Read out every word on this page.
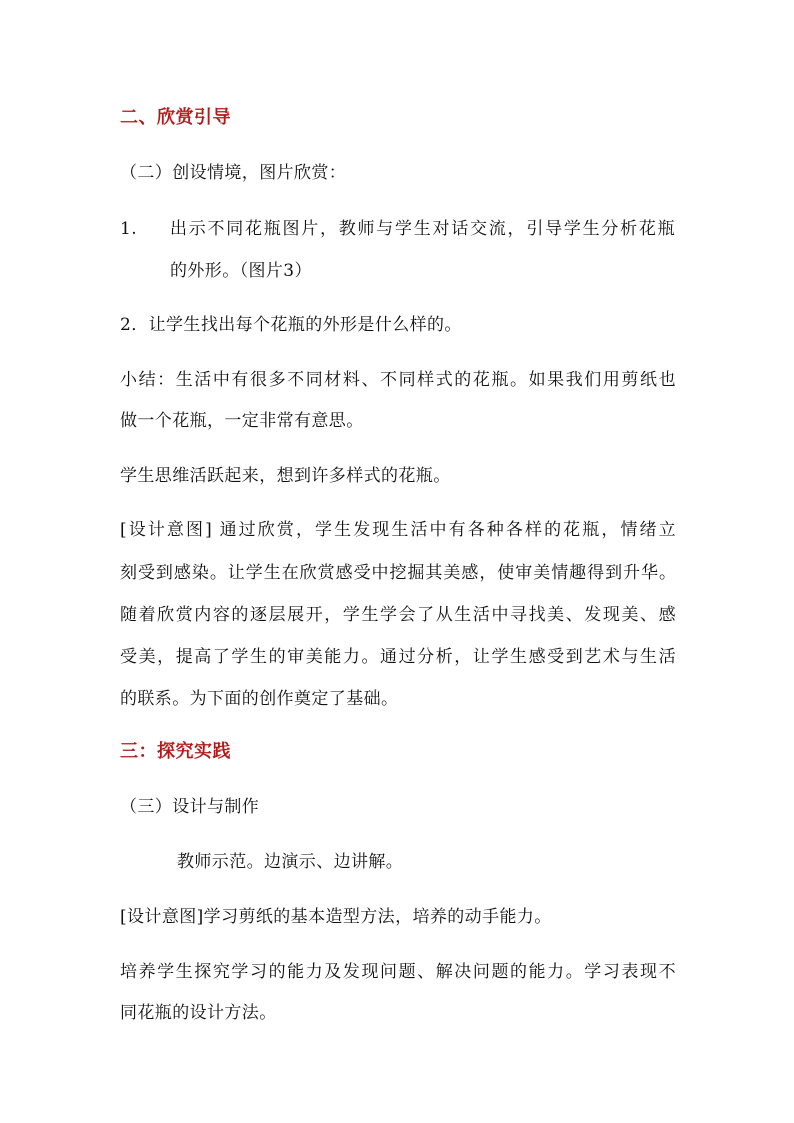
二、欣赏引导
（二）创设情境，图片欣赏：
1.	出示不同花瓶图片，教师与学生对话交流，引导学生分析花瓶
的外形。（图片3）
2．让学生找出每个花瓶的外形是什么样的。
小结：生活中有很多不同材料、不同样式的花瓶。如果我们用剪纸也
做一个花瓶，一定非常有意思。
学生思维活跃起来，想到许多样式的花瓶。
[设计意图] 通过欣赏，学生发现生活中有各种各样的花瓶，情绪立
刻受到感染。让学生在欣赏感受中挖掘其美感，使审美情趣得到升华。
随着欣赏内容的逐层展开，学生学会了从生活中寻找美、发现美、感
受美，提高了学生的审美能力。通过分析，让学生感受到艺术与生活
的联系。为下面的创作奠定了基础。
三：探究实践
（三）设计与制作
教师示范。边演示、边讲解。
[设计意图]学习剪纸的基本造型方法，培养的动手能力。
培养学生探究学习的能力及发现问题、解决问题的能力。学习表现不
同花瓶的设计方法。
